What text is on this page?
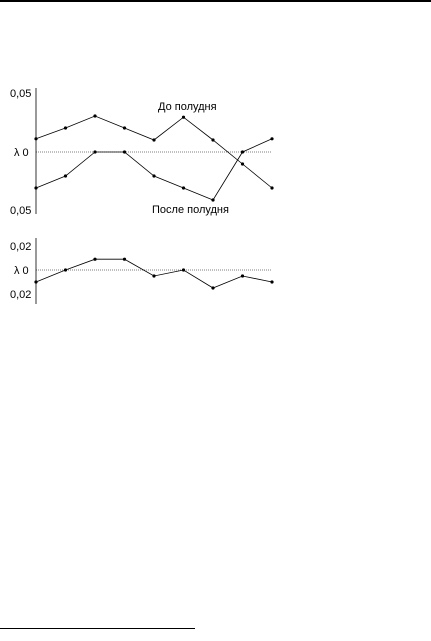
0,05
λ 0
0,05
До полудня
После полудня
0,02
λ 0
0,02
